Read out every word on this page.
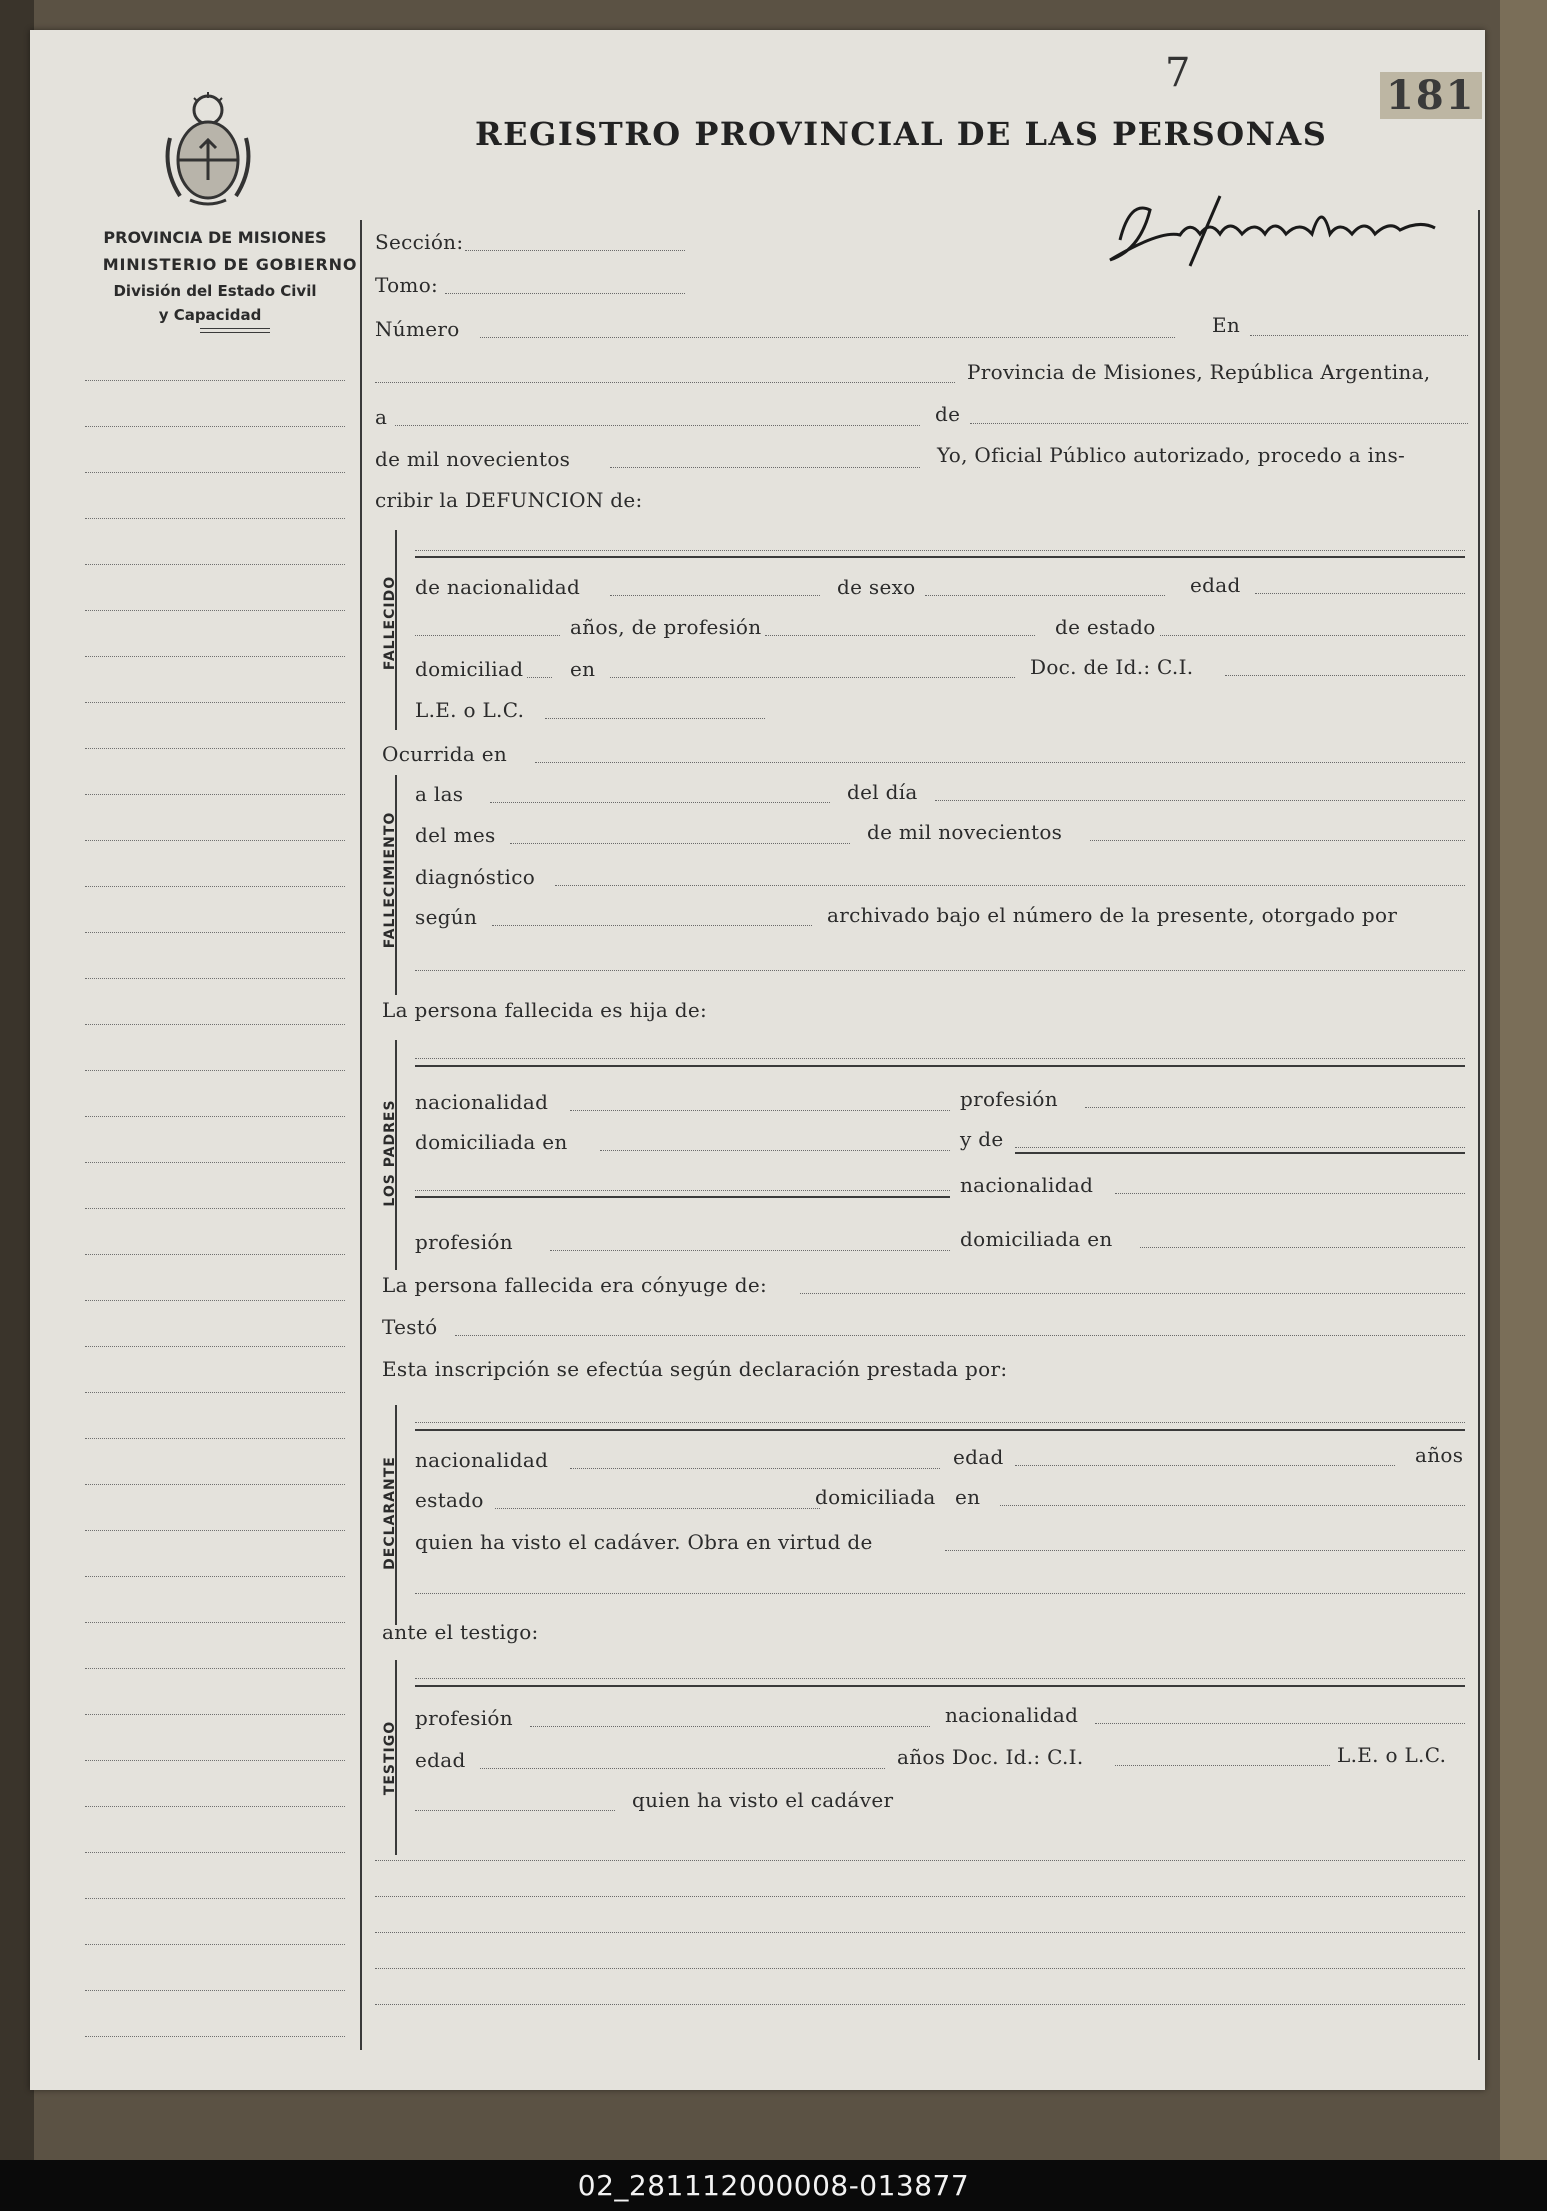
PROVINCIA DE MISIONES
MINISTERIO DE GOBIERNO
División del Estado Civil
y Capacidad
REGISTRO PROVINCIAL DE LAS PERSONAS
181
7
Sección:
Tomo:
Número	En
Provincia de Misiones, República Argentina,
a	de
de mil novecientos	Yo, Oficial Público autorizado, procedo a ins-
cribir la DEFUNCION de:
FALLECIDO de nacionalidad	de sexo	edad
años, de profesión	de estado
domiciliad en	Doc. de Id.: C.I.
L.E. o L.C.
Ocurrida en
FALLECIMIENTO
a las	del día
del mes	de mil novecientos
diagnóstico
según	archivado bajo el número de la presente, otorgado por
La persona fallecida es hija de:
LOS PADRES nacionalidad	profesión
domiciliada en	y de
nacionalidad
profesión	domiciliada en
La persona fallecida era cónyuge de:
Testó
Esta inscripción se efectúa según declaración prestada por:
DECLARANTE nacionalidad	edad	años
estado	domiciliada en
quien ha visto el cadáver. Obra en virtud de
ante el testigo:
TESTIGO
profesión	nacionalidad
edad	años Doc. Id.: C.I.	L.E. o L.C.
quien ha visto el cadáver
02_281112000008-013877
